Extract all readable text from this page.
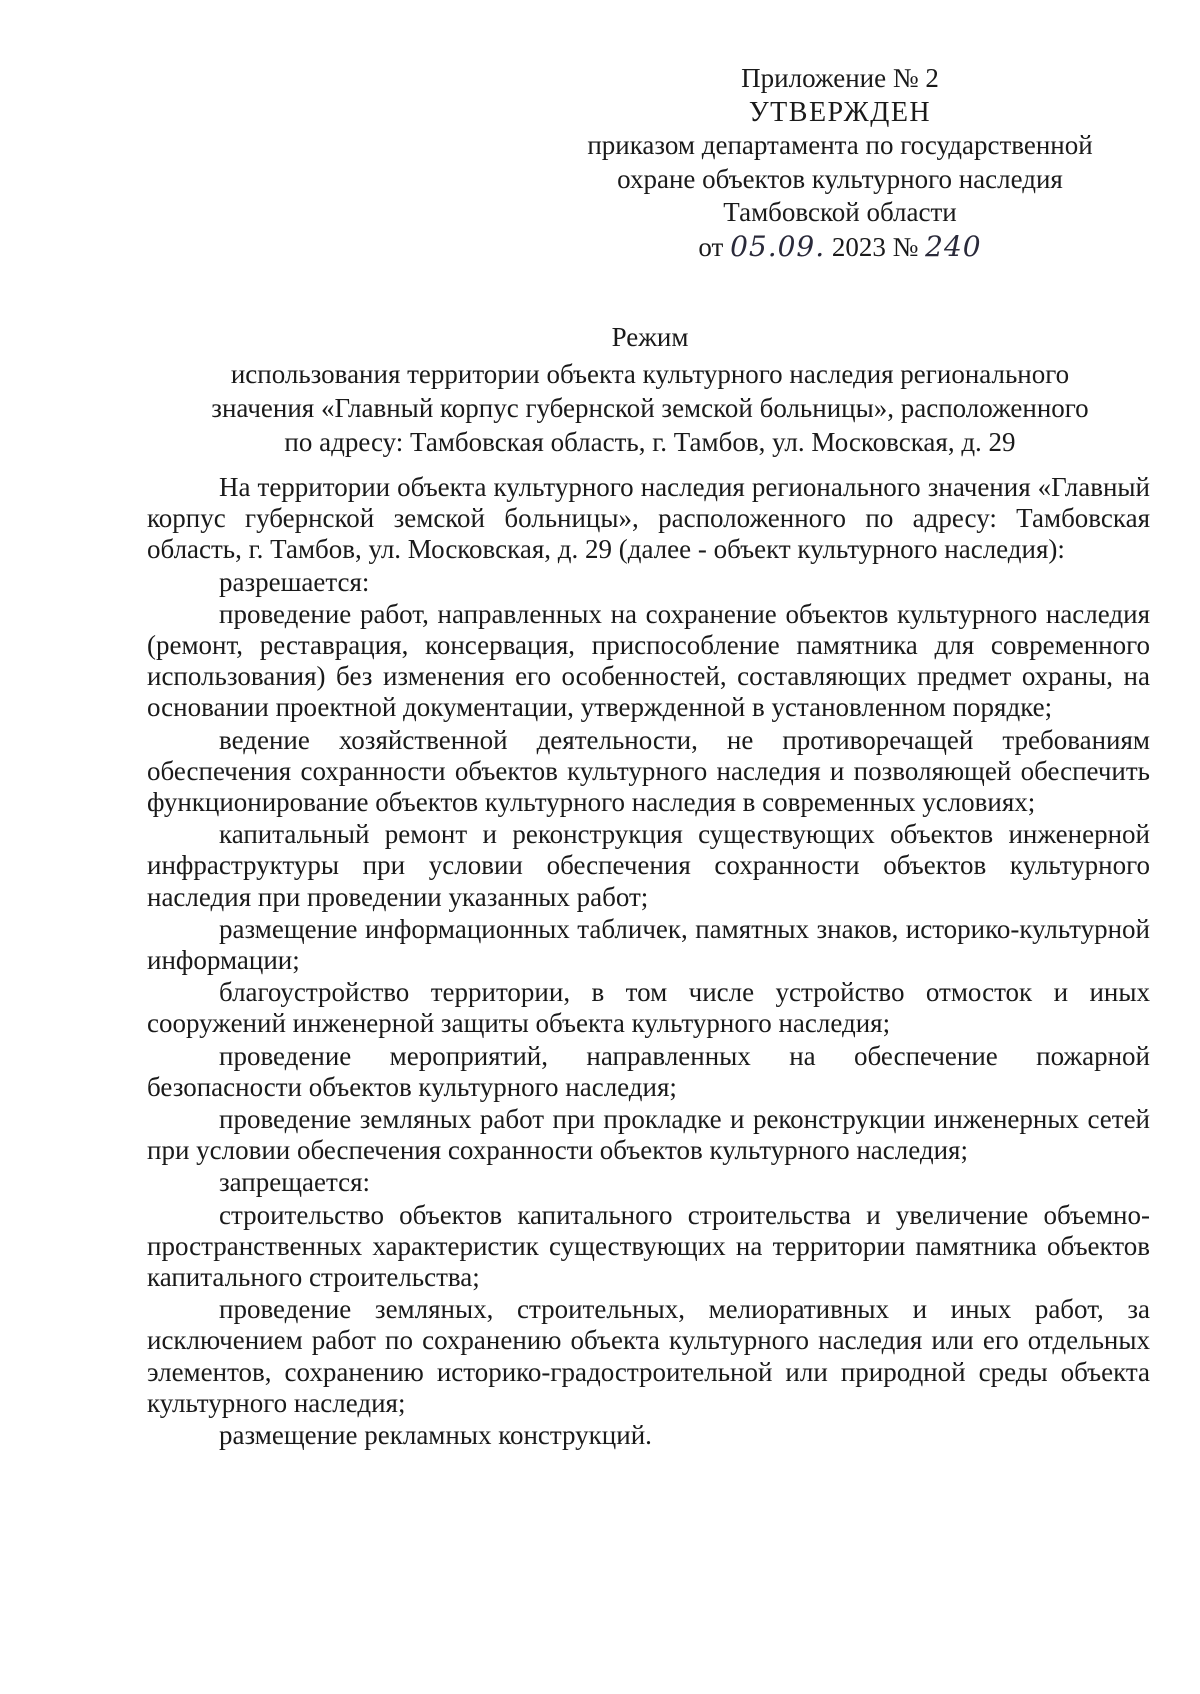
Приложение № 2
УТВЕРЖДЕН
приказом департамента по государственной
охране объектов культурного наследия
Тамбовской области
от 05.09. 2023 № 240
Режим
использования территории объекта культурного наследия регионального
значения «Главный корпус губернской земской больницы», расположенного
по адресу: Тамбовская область, г. Тамбов, ул. Московская, д. 29

На территории объекта культурного наследия регионального значения «Главный корпус губернской земской больницы», расположенного по адресу: Тамбовская область, г. Тамбов, ул. Московская, д. 29 (далее - объект культурного наследия):

разрешается:

проведение работ, направленных на сохранение объектов культурного наследия (ремонт, реставрация, консервация, приспособление памятника для современного использования) без изменения его особенностей, составляющих предмет охраны, на основании проектной документации, утвержденной в установленном порядке;

ведение хозяйственной деятельности, не противоречащей требованиям обеспечения сохранности объектов культурного наследия и позволяющей обеспечить функционирование объектов культурного наследия в современных условиях;

капитальный ремонт и реконструкция существующих объектов инженерной инфраструктуры при условии обеспечения сохранности объектов культурного наследия при проведении указанных работ;

размещение информационных табличек, памятных знаков, историко-культурной информации;

благоустройство территории, в том числе устройство отмосток и иных сооружений инженерной защиты объекта культурного наследия;

проведение мероприятий, направленных на обеспечение пожарной безопасности объектов культурного наследия;

проведение земляных работ при прокладке и реконструкции инженерных сетей при условии обеспечения сохранности объектов культурного наследия;

запрещается:

строительство объектов капитального строительства и увеличение объемно-пространственных характеристик существующих на территории памятника объектов капитального строительства;

проведение земляных, строительных, мелиоративных и иных работ, за исключением работ по сохранению объекта культурного наследия или его отдельных элементов, сохранению историко-градостроительной или природной среды объекта культурного наследия;

размещение рекламных конструкций.
